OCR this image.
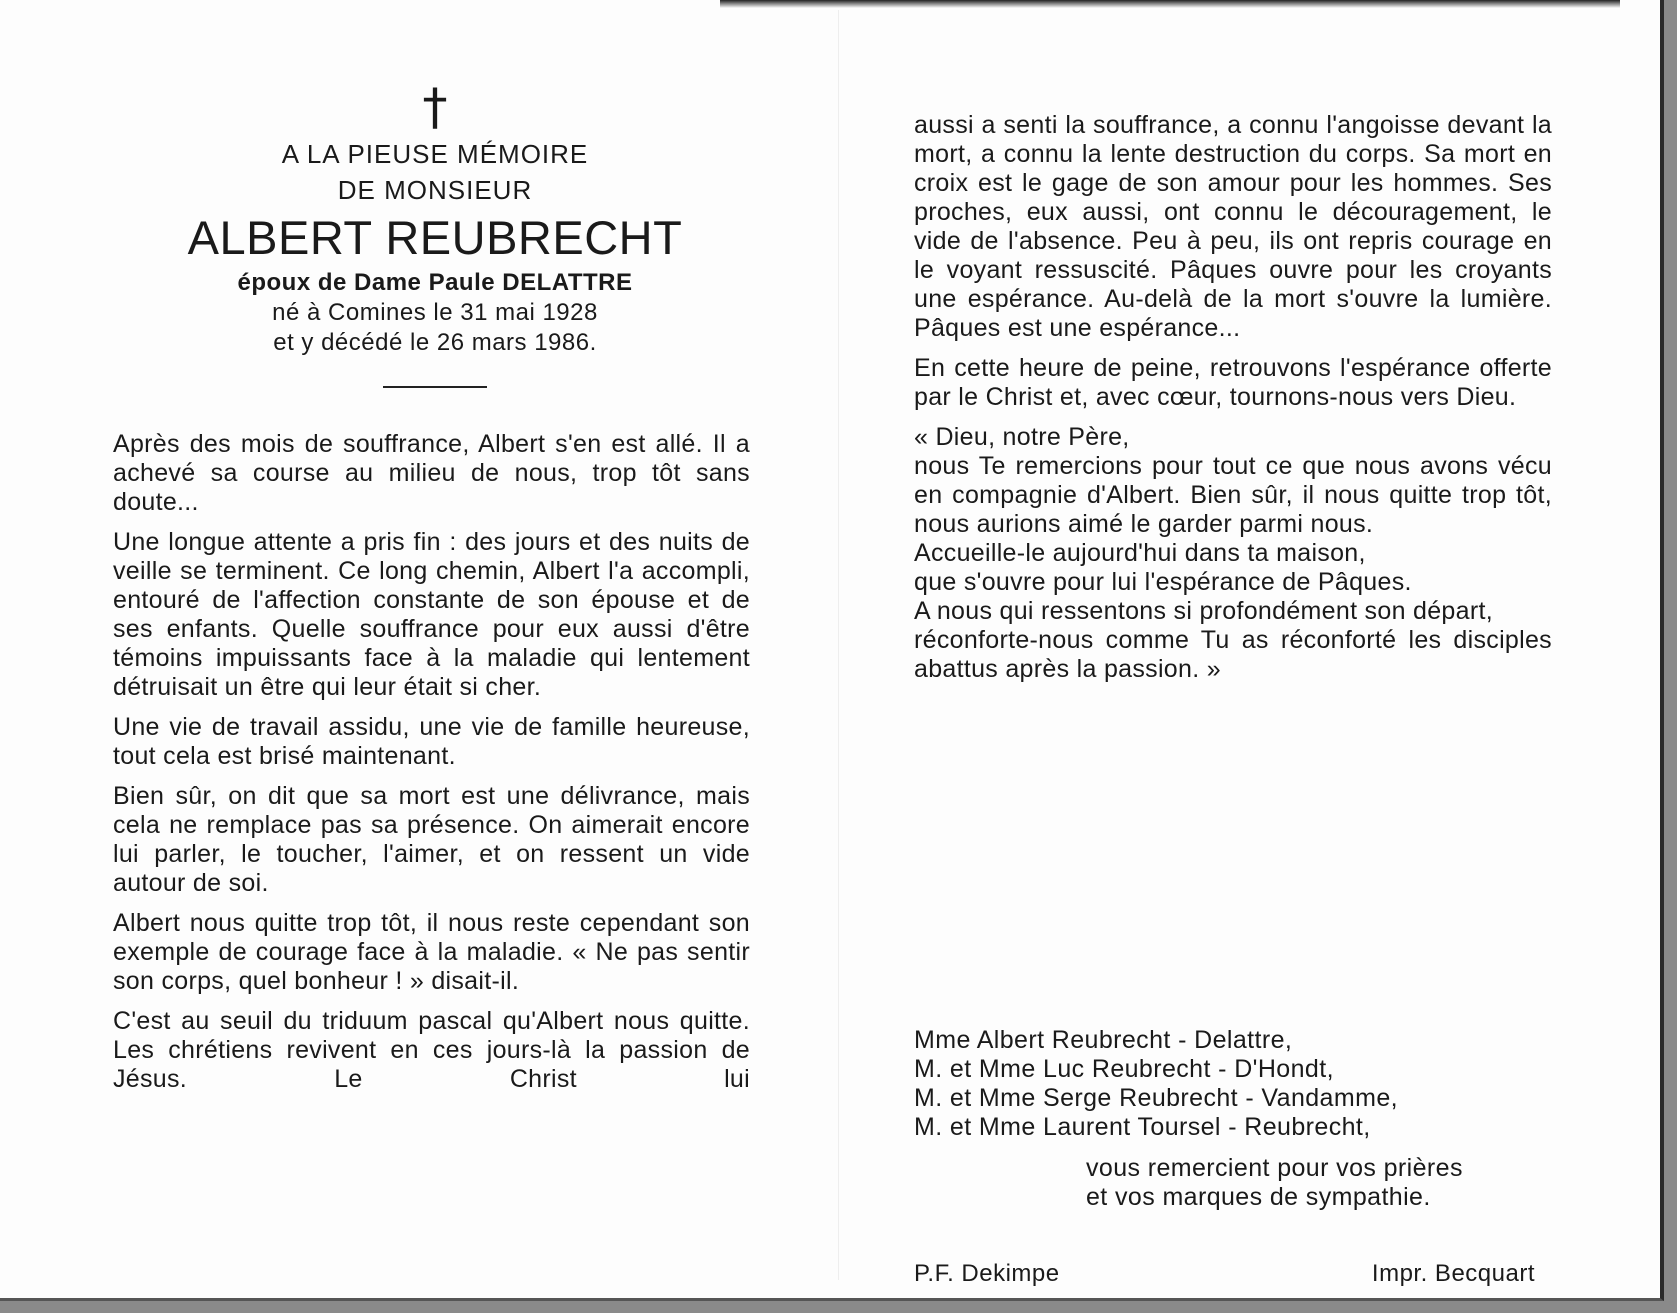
†
A LA PIEUSE MÉMOIRE
DE MONSIEUR
ALBERT REUBRECHT
époux de Dame Paule DELATTRE
né à Comines le 31 mai 1928
et y décédé le 26 mars 1986.

Après des mois de souffrance, Albert s'en est allé. Il a achevé sa course au milieu de nous, trop tôt sans doute...

Une longue attente a pris fin : des jours et des nuits de veille se terminent. Ce long chemin, Albert l'a accompli, entouré de l'affection constante de son épouse et de ses enfants. Quelle souffrance pour eux aussi d'être témoins impuissants face à la maladie qui lentement détruisait un être qui leur était si cher.

Une vie de travail assidu, une vie de famille heureuse, tout cela est brisé maintenant.

Bien sûr, on dit que sa mort est une délivrance, mais cela ne remplace pas sa présence. On aimerait encore lui parler, le toucher, l'aimer, et on ressent un vide autour de soi.

Albert nous quitte trop tôt, il nous reste cependant son exemple de courage face à la maladie. « Ne pas sentir son corps, quel bonheur ! » disait-il.

C'est au seuil du triduum pascal qu'Albert nous quitte. Les chrétiens revivent en ces jours-là la passion de Jésus. Le Christ lui

aussi a senti la souffrance, a connu l'angoisse devant la mort, a connu la lente destruction du corps. Sa mort en croix est le gage de son amour pour les hommes. Ses proches, eux aussi, ont connu le découragement, le vide de l'absence. Peu à peu, ils ont repris courage en le voyant ressuscité. Pâques ouvre pour les croyants une espérance. Au-delà de la mort s'ouvre la lumière. Pâques est une espérance...

En cette heure de peine, retrouvons l'espérance offerte par le Christ et, avec cœur, tournons-nous vers Dieu.

« Dieu, notre Père,
nous Te remercions pour tout ce que nous avons vécu en compagnie d'Albert. Bien sûr, il nous quitte trop tôt, nous aurions aimé le garder parmi nous.
Accueille-le aujourd'hui dans ta maison,
que s'ouvre pour lui l'espérance de Pâques.
A nous qui ressentons si profondément son départ,
réconforte-nous comme Tu as réconforté les disciples abattus après la passion. »
Mme Albert Reubrecht - Delattre,
M. et Mme Luc Reubrecht - D'Hondt,
M. et Mme Serge Reubrecht - Vandamme,
M. et Mme Laurent Toursel - Reubrecht,
vous remercient pour vos prières
et vos marques de sympathie.
P.F. Dekimpe	Impr. Becquart
